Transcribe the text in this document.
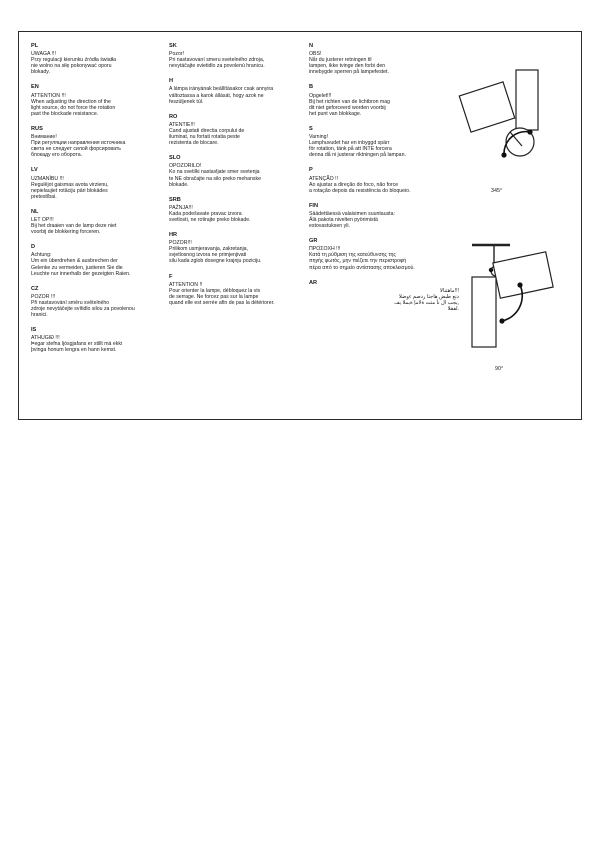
PL
UWAGA !!!
Przy regulacji kierunku źródła światła
nie wolno na siłę pokonywać oporu
blokady.
EN
ATTENTION !!!
When adjusting the direction of the
light source, do not force the rotation
past the blockade resistance.
RUS
Внимание!
При регуляции направления источника
света не следует силой форсировать
блокаду его оборота.
LV
UZMANĪBU !!!
Regulējot gaismas avota virzienu,
nepielaujiet rotāciju pāri blokādes
pretestībai.
NL
LET OP!!!
Bij het draaien van de lamp deze niet
voorbij de blokkering forceren.
D
Achtung:
Um ein überdrehen & ausbrechen der
Gelenke zu vermeiden, justieren Sie die
Leuchte nur innerhalb der gezeigten Raien.
CZ
POZOR !!!
Při nastavování směru světelného
zdroje nevytáčejte svítidlo silou za povolenou
hranici.
IS
ATHUGIÐ !!!
Þegar stefna ljósgjafans er stillt má ekki
þvinga honum lengra en hann kemst.
SK
Pozor!
Pri nastavovaní smeru svetelného zdroja,
nevytáčajte svietidlo za povolenú hranicu.
H
A lámpa irányának beállításakor csak annyira
változtassa a karok állását, hogy azok ne
feszüljenek túl.
RO
ATENTIE!!!
Cand ajustati directia corpului de
iluminat, nu fortati rotatia peste
rezistenta de blocare.
SLO
OPOZORILO!
Ko na svetilki nastavljate smer svetenja
te NE obračajte na silo preko mehanske
blokade.
SRB
PAŽNJA!!!
Kada podešavate pravac izvora
svetlosti, ne rotirajte preko blokade.
HR
POZOR!!!
Prilikom usmjeravanja, zakretanja,
svjetlosnog izvora ne primjenjivati
silu kada zglob dosegne krajnju poziciju.
F
ATTENTION !!
Pour orienter la lampe, débloquez la vis
de serrage. Ne forcez pas sur la lampe
quand elle est serrée afin de pas la détériorer.
N
OBS!
Når du justerer retningen til
lampen, ikke tvinge den forbi den
innebygde sperren på lampefestet.
B
Opgelet!!!
Bij het richten van de lichtbron mag
dit niet geforceerd worden voorbij
het punt van blokkage.
S
Varning!
Lamphuvudet har en inbyggd spärr
för rotation, tänk på att INTE forcera
denna då ni justerar riktningen på lampan.
P
ATENÇÃO !!
Ao ajustar a direção do foco, não force
a rotação depois da resistência do bloqueio.
FIN
Säädettäessä valaisimen suuntausta:
Älä pakota nivelten pyörimistä
estovastuksen yli.
GR
ΠΡΟΣΟΧΗ !!!
Κατά τη ρύθμιση της κατεύθυνσης της
πηγής φωτός, μην πιέζετε την περιστροφή
πέρα από το σημείο αντίστασης αποκλεισμού.
AR
!!!ماهتنالا
دنع طبض هاجتا ردصم ءوضلا
,يجب ال نأ متت ةلامإ ةبملا يف
.لفقلا
345°
90°
